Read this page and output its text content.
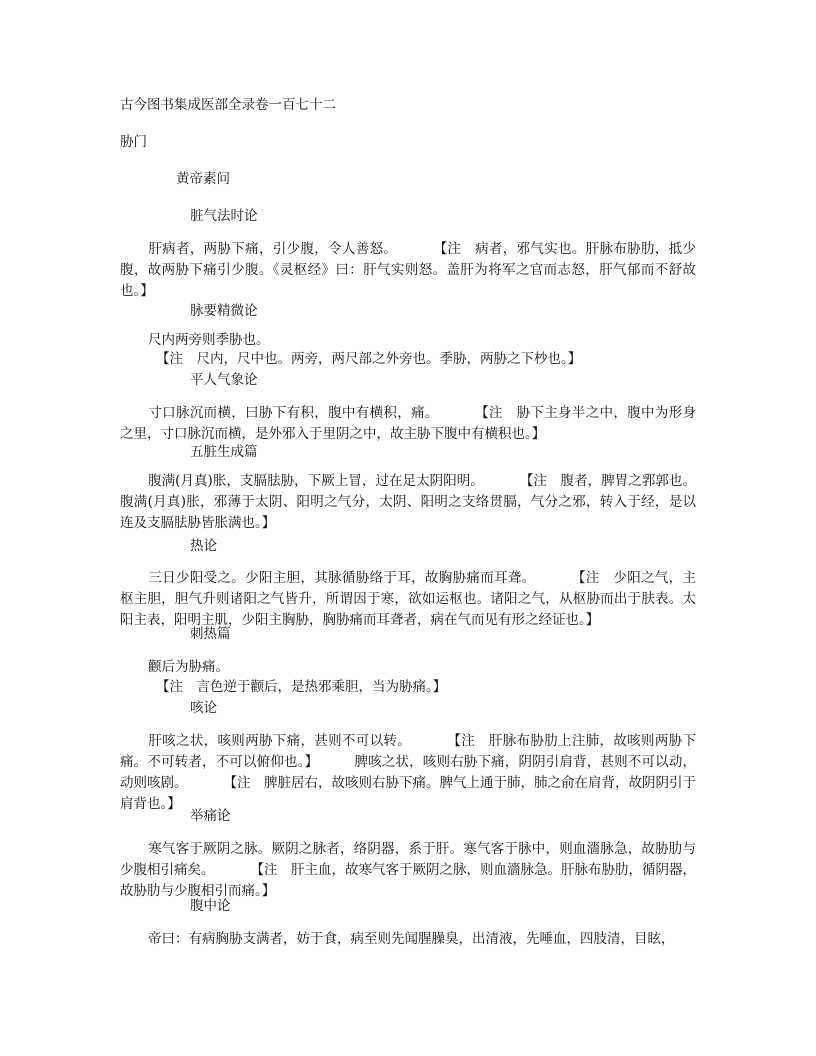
古今图书集成医部全录卷一百七十二
胁门
黄帝素问
脏气法时论
肝病者，两胁下痛，引少腹，令人善怒。	【注　病者，邪气实也。肝脉布胁肋，抵少腹，故两胁下痛引少腹。《灵枢经》曰：肝气实则怒。盖肝为将军之官而志怒，肝气郁而不舒故也。】
脉要精微论
尺内两旁则季胁也。
【注　尺内，尺中也。两旁，两尺部之外旁也。季胁，两胁之下杪也。】
平人气象论
寸口脉沉而横，曰胁下有积，腹中有横积，痛。	【注　胁下主身半之中，腹中为形身之里，寸口脉沉而横，是外邪入于里阴之中，故主胁下腹中有横积也。】
五脏生成篇
腹满(月真)胀，支膈胠胁，下厥上冒，过在足太阴阳明。	【注　腹者，脾胃之郛郭也。腹满(月真)胀，邪薄于太阴、阳明之气分，太阴、阳明之支络贯膈，气分之邪，转入于经，是以连及支膈胠胁皆胀满也。】
热论
三日少阳受之。少阳主胆，其脉循胁络于耳，故胸胁痛而耳聋。	【注　少阳之气，主枢主胆，胆气升则诸阳之气皆升，所谓因于寒，欲如运枢也。诸阳之气，从枢胁而出于肤表。太阳主表，阳明主肌，少阳主胸胁，胸胁痛而耳聋者，病在气而见有形之经证也。】
刺热篇
颧后为胁痛。
【注　言色逆于颧后，是热邪乘胆，当为胁痛。】
咳论
肝咳之状，咳则两胁下痛，甚则不可以转。	【注　肝脉布胁肋上注肺，故咳则两胁下痛。不可转者，不可以俯仰也。】	脾咳之状，咳则右胁下痛，阴阴引肩背，甚则不可以动，动则咳剧。	【注　脾脏居右，故咳则右胁下痛。脾气上通于肺，肺之俞在肩背，故阴阴引于肩背也。】
举痛论
寒气客于厥阴之脉。厥阴之脉者，络阴器，系于肝。寒气客于脉中，则血濇脉急，故胁肋与少腹相引痛矣。	【注　肝主血，故寒气客于厥阴之脉，则血濇脉急。肝脉布胁肋，循阴器，故胁肋与少腹相引而痛。】
腹中论
帝曰：有病胸胁支满者，妨于食，病至则先闻腥臊臭，出清液，先唾血，四肢清，目眩，
